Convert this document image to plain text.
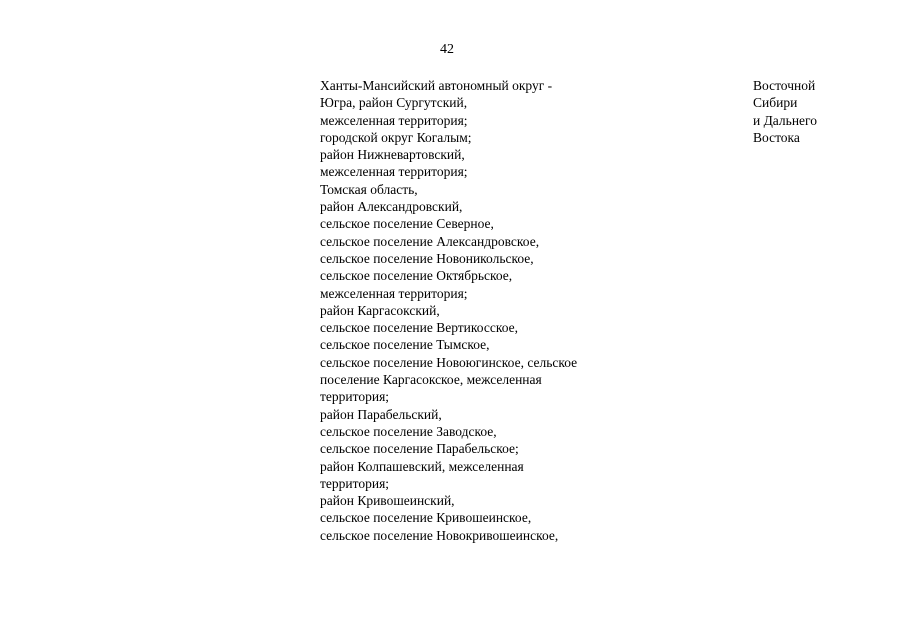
42
Ханты-Мансийский автономный округ -
Югра, район Сургутский,
межселенная территория;
городской округ Когалым;
район Нижневартовский,
межселенная территория;
Томская область,
район Александровский,
сельское поселение Северное,
сельское поселение Александровское,
сельское поселение Новоникольское,
сельское поселение Октябрьское,
межселенная территория;
район Каргасокский,
сельское поселение Вертикосское,
сельское поселение Тымское,
сельское поселение Новоюгинское, сельское
поселение Каргасокское, межселенная
территория;
район Парабельский,
сельское поселение Заводское,
сельское поселение Парабельское;
район Колпашевский, межселенная
территория;
район Кривошеинский,
сельское поселение Кривошеинское,
сельское поселение Новокривошеинское,
Восточной
Сибири
и Дальнего
Востока
